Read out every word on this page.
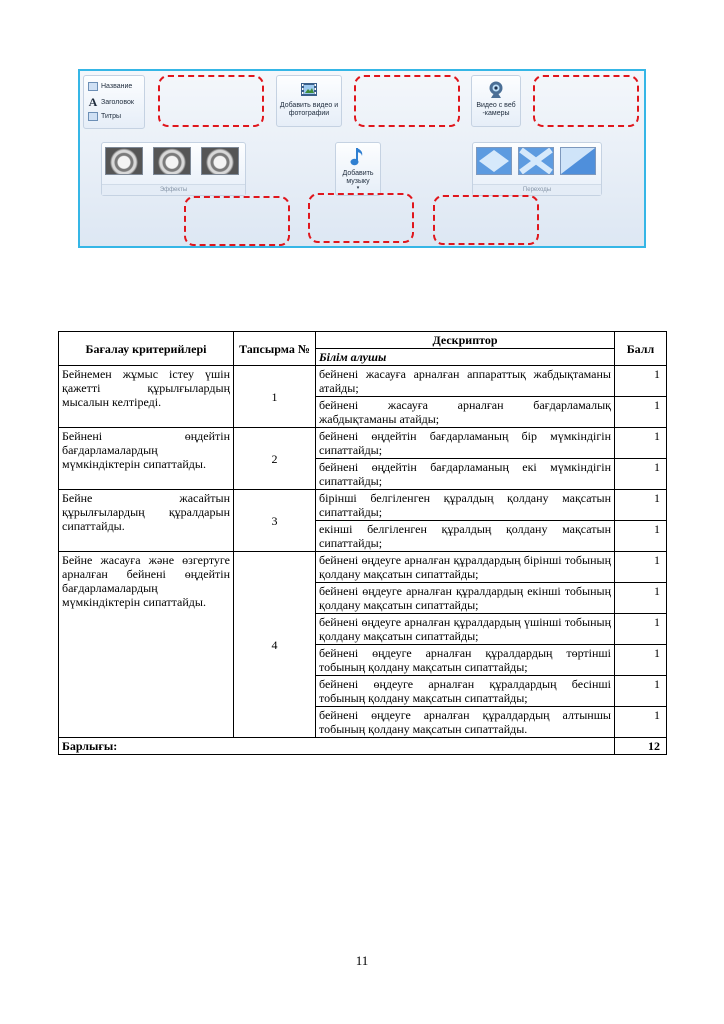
Название
A Заголовок
Титры
Добавить видео и фотографии
Видео с веб -камеры
Эффекты
Добавить музыку
▾	Переходы
Бағалау критерийлері	Тапсырма №	Дескриптор	Балл
		Білім алушы	
Бейнемен жұмыс істеу үшін қажетті құрылғылардың мысалын келтіреді.	1	бейнені жасауға арналған аппараттық жабдықтаманы атайды;	1
		бейнені жасауға арналған бағдарламалық жабдықтаманы атайды;	1
Бейнені өңдейтін бағдарламалардың мүмкіндіктерін сипаттайды.	2	бейнені өңдейтін бағдарламаның бір мүмкіндігін сипаттайды;	1
		бейнені өңдейтін бағдарламаның екі мүмкіндігін сипаттайды;	1
Бейне жасайтын құрылғылардың құралдарын сипаттайды.	3	бірінші белгіленген құралдың қолдану мақсатын сипаттайды;	1
		екінші белгіленген құралдың қолдану мақсатын сипаттайды;	1
Бейне жасауға және өзгертуге арналған бейнені өңдейтін бағдарламалардың мүмкіндіктерін сипаттайды.	4	бейнені өңдеуге арналған құралдардың бірінші тобының қолдану мақсатын сипаттайды;	1
		бейнені өңдеуге арналған құралдардың екінші тобының қолдану мақсатын сипаттайды;	1
		бейнені өңдеуге арналған құралдардың үшінші тобының қолдану мақсатын сипаттайды;	1
		бейнені өңдеуге арналған құралдардың төртінші тобының қолдану мақсатын сипаттайды;	1
		бейнені өңдеуге арналған құралдардың бесінші тобының қолдану мақсатын сипаттайды;	1
		бейнені өңдеуге арналған құралдардың алтыншы тобының қолдану мақсатын сипаттайды.	1
Барлығы:			12
11
